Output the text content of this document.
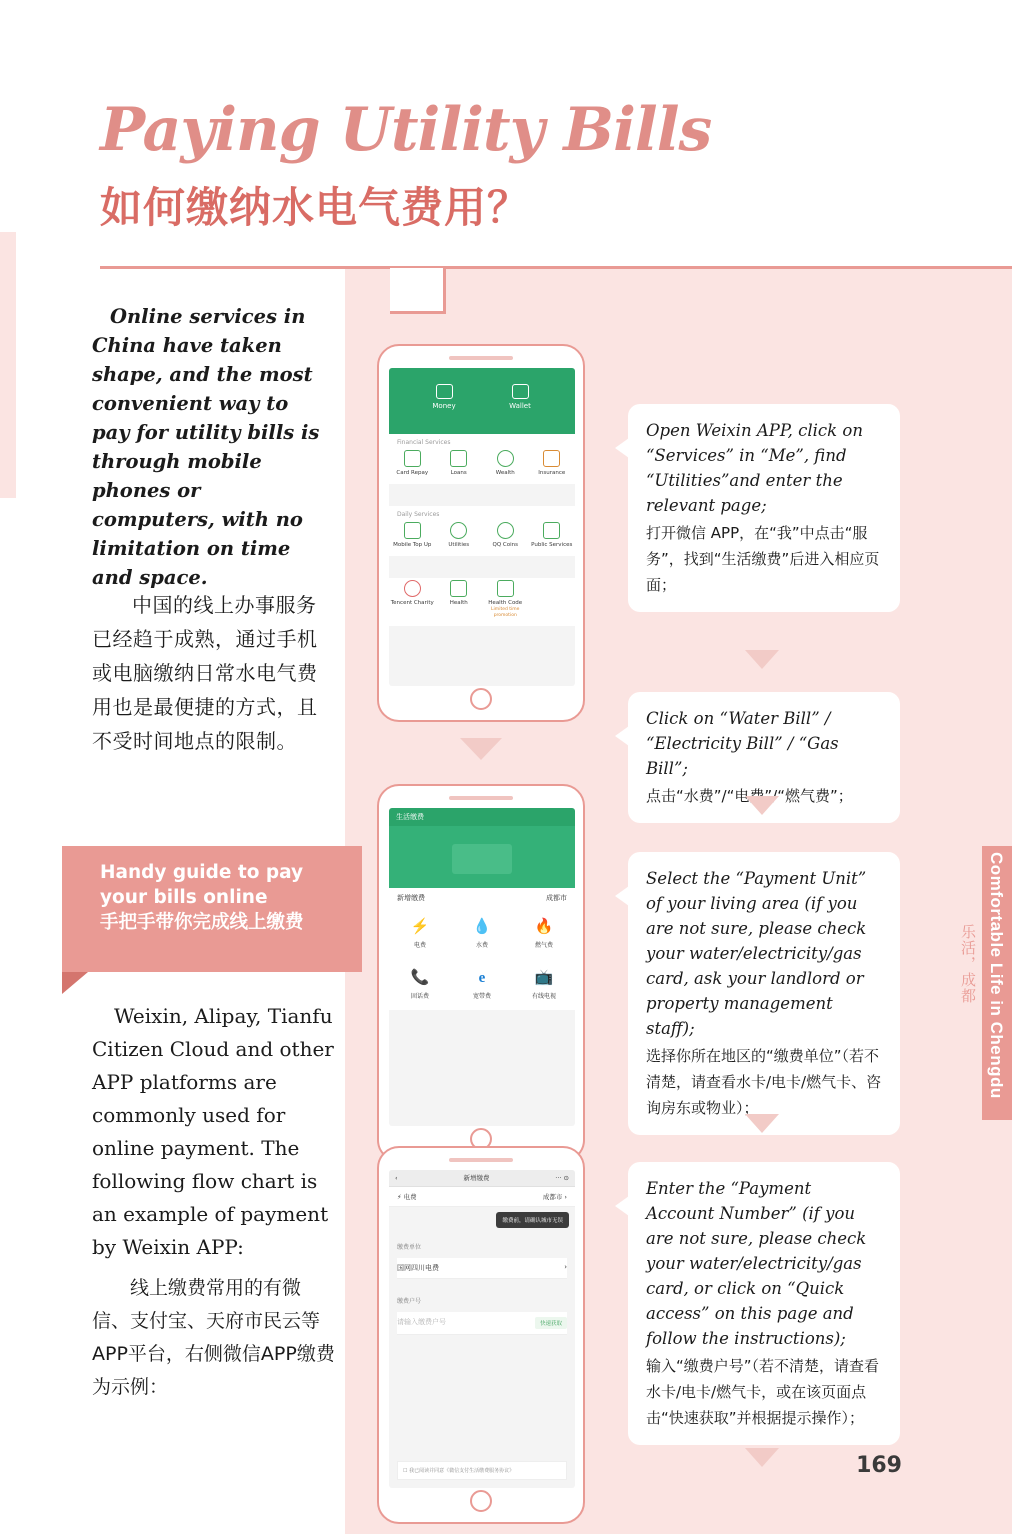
Paying Utility Bills
如何缴纳水电气费用？
Comfortable Life in Chengdu
乐活，成都
Online services in China have taken shape, and the most convenient way to pay for utility bills is through mobile phones or computers, with no limitation on time and space.
中国的线上办事服务已经趋于成熟，通过手机或电脑缴纳日常水电气费用也是最便捷的方式，且不受时间地点的限制。
Handy guide to pay your bills online
手把手带你完成线上缴费
Weixin, Alipay, Tianfu Citizen Cloud and other APP platforms are commonly used for online payment. The following flow chart is an example of payment by Weixin APP:
线上缴费常用的有微信、支付宝、天府市民云等APP平台，右侧微信APP缴费为示例：
Money	Wallet
Financial Services
Card Repay	Loans	Wealth	Insurance
Daily Services
Mobile Top Up	Utilities	QQ Coins	Public Services
Tencent Charity	Health	Health Code
Limited time promotion
生活缴费
新增缴费	成都市
⚡
电费
💧
水费
🔥
燃气费
📞
固话费
e
宽带费
📺
有线电视
‹	新增缴费	··· ⊙
⚡ 电费	成都市 ›
缴费前，请确认城市无误
缴费单位
国网四川电费	›
缴费户号
请输入缴费户号	快速获取
☐ 我已阅读并同意《微信支付生活缴费服务协议》
Open Weixin APP, click on “Services” in “Me”, find “Utilities”and enter the relevant page;
打开微信 APP，在“我”中点击“服务”，找到“生活缴费”后进入相应页面；
Click on “Water Bill” / “Electricity Bill” / “Gas Bill”;
点击“水费”/“电费”/“燃气费”；
Select the “Payment Unit” of your living area (if you are not sure, please check your water/electricity/gas card, ask your landlord or property management staff);
选择你所在地区的“缴费单位”（若不清楚，请查看水卡/电卡/燃气卡、咨询房东或物业）；
Enter the “Payment Account Number” (if you are not sure, please check your water/electricity/gas card, or click on “Quick access” on this page and follow the instructions);
输入“缴费户号”（若不清楚，请查看水卡/电卡/燃气卡，或在该页面点击“快速获取”并根据提示操作）；
169
